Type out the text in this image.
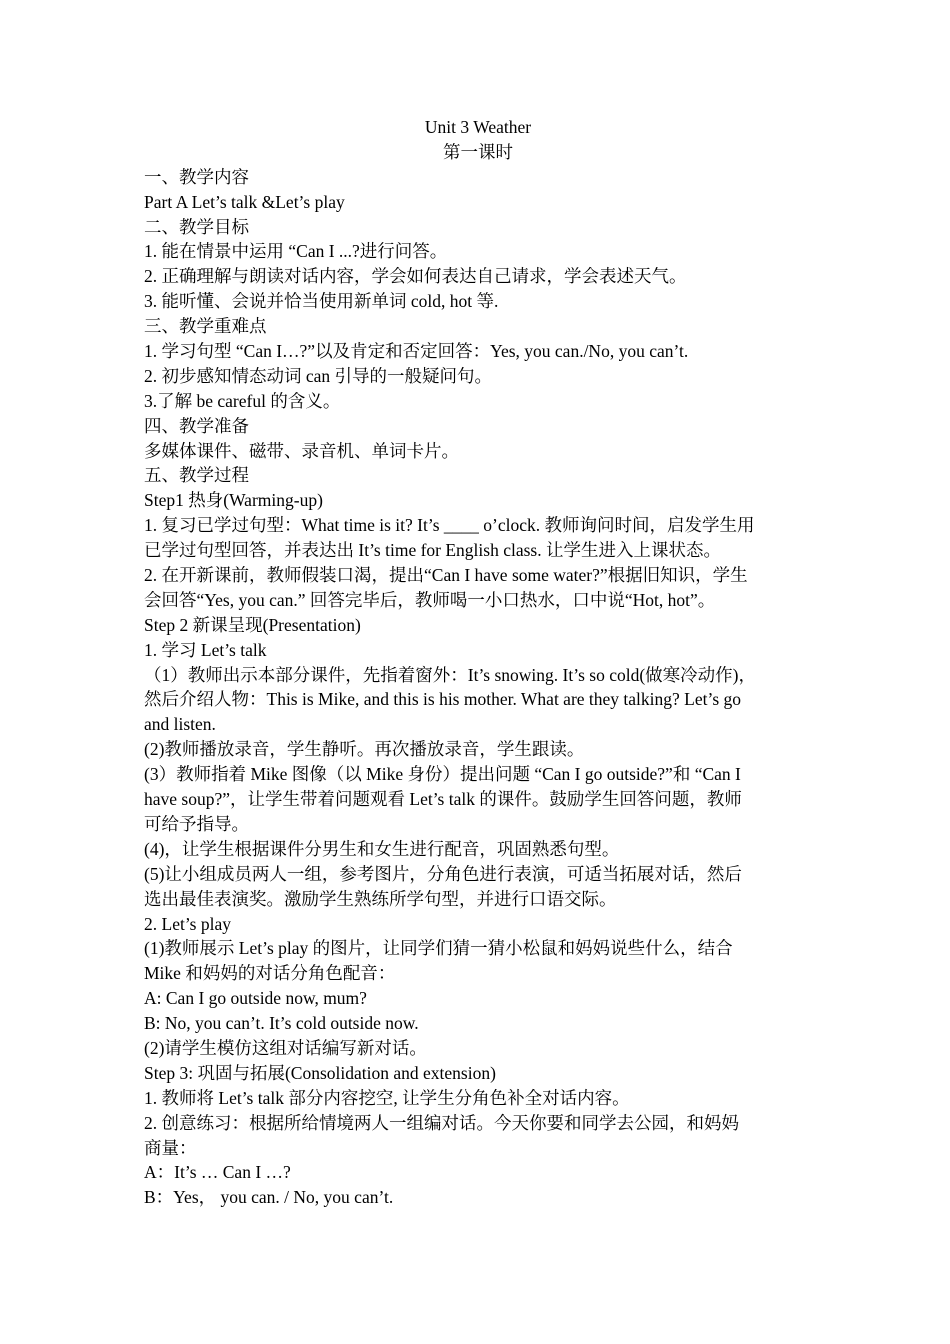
Unit 3 Weather
第一课时
一、教学内容
Part A Let’s talk &Let’s play
二、教学目标
1. 能在情景中运用 “Can I ...?进行问答。
2. 正确理解与朗读对话内容，学会如何表达自己请求，学会表述天气。
3. 能听懂、会说并恰当使用新单词 cold, hot 等.
三、教学重难点
1. 学习句型 “Can I…?”以及肯定和否定回答：Yes, you can./No, you can’t.
2. 初步感知情态动词 can 引导的一般疑问句。
3.了解 be careful 的含义。
四、教学准备
多媒体课件、磁带、录音机、单词卡片。
五、教学过程
Step1 热身(Warming-up)
1. 复习已学过句型：What time is it? It’s ____ o’clock. 教师询问时间，启发学生用
已学过句型回答，并表达出 It’s time for English class. 让学生进入上课状态。
2. 在开新课前，教师假装口渴，提出“Can I have some water?”根据旧知识，学生
会回答“Yes, you can.” 回答完毕后，教师喝一小口热水，口中说“Hot, hot”。
Step 2 新课呈现(Presentation)
1. 学习 Let’s talk
（1）教师出示本部分课件，先指着窗外：It’s snowing. It’s so cold(做寒冷动作)，
然后介绍人物：This is Mike, and this is his mother. What are they talking? Let’s go
and listen.
(2)教师播放录音，学生静听。再次播放录音，学生跟读。
(3）教师指着 Mike 图像（以 Mike 身份）提出问题 “Can I go outside?”和 “Can I
have soup?”，让学生带着问题观看 Let’s talk 的课件。鼓励学生回答问题，教师
可给予指导。
(4)，让学生根据课件分男生和女生进行配音，巩固熟悉句型。
(5)让小组成员两人一组，参考图片，分角色进行表演，可适当拓展对话，然后
选出最佳表演奖。激励学生熟练所学句型，并进行口语交际。
2. Let’s play
(1)教师展示 Let’s play 的图片，让同学们猜一猜小松鼠和妈妈说些什么，结合
Mike 和妈妈的对话分角色配音：
A: Can I go outside now, mum?
B: No, you can’t. It’s cold outside now.
(2)请学生模仿这组对话编写新对话。
Step 3: 巩固与拓展(Consolidation and extension)
1. 教师将 Let’s talk 部分内容挖空, 让学生分角色补全对话内容。
2. 创意练习：根据所给情境两人一组编对话。今天你要和同学去公园，和妈妈
商量：
A：It’s … Can I …?
B：Yes， you can. / No, you can’t.
